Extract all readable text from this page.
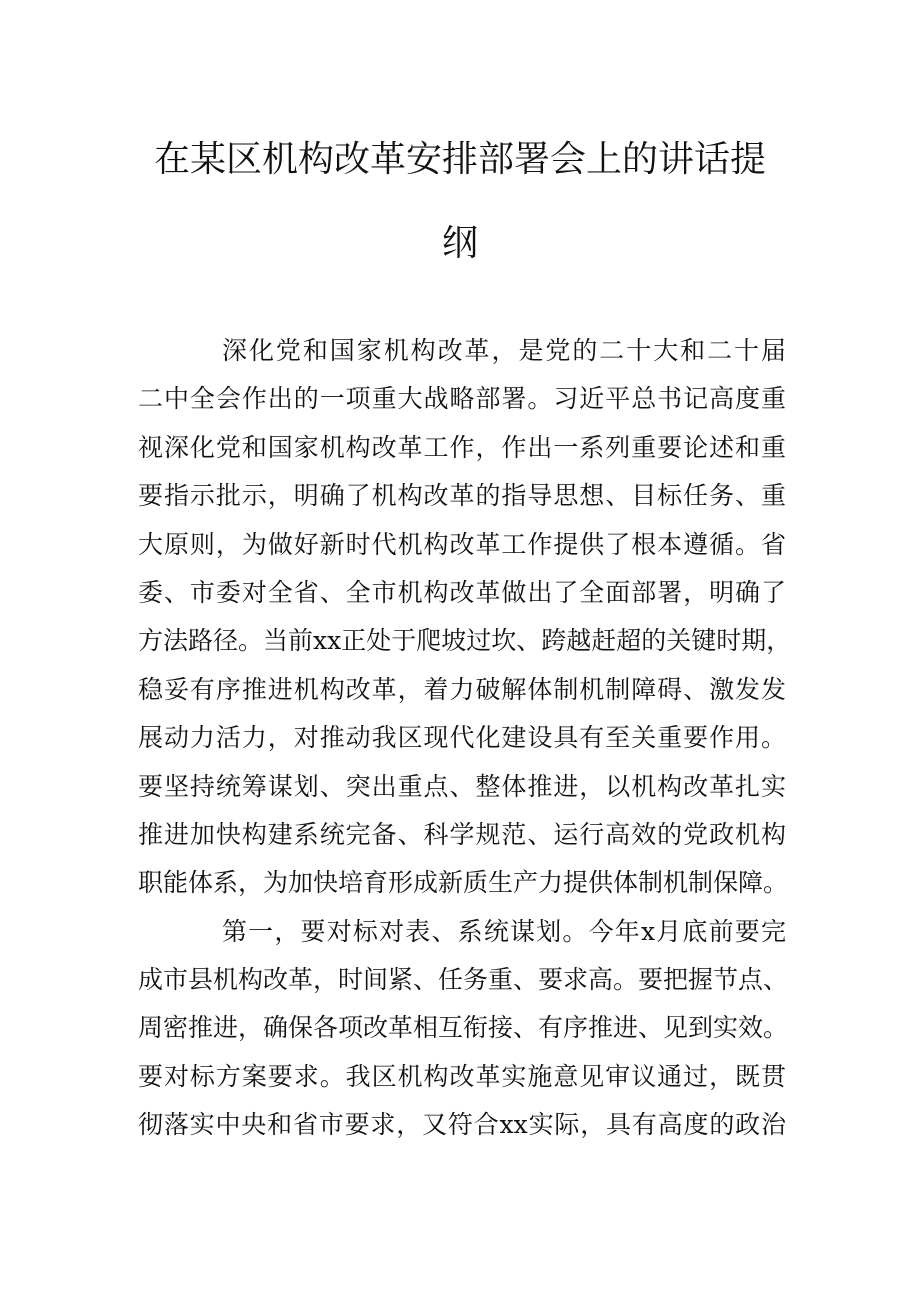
在某区机构改革安排部署会上的讲话提
纲
深化党和国家机构改革，是党的二十大和二十届
二中全会作出的一项重大战略部署。习近平总书记高度重
视深化党和国家机构改革工作，作出一系列重要论述和重
要指示批示，明确了机构改革的指导思想、目标任务、重
大原则，为做好新时代机构改革工作提供了根本遵循。省
委、市委对全省、全市机构改革做出了全面部署，明确了
方法路径。当前xx正处于爬坡过坎、跨越赶超的关键时期，
稳妥有序推进机构改革，着力破解体制机制障碍、激发发
展动力活力，对推动我区现代化建设具有至关重要作用。
要坚持统筹谋划、突出重点、整体推进，以机构改革扎实
推进加快构建系统完备、科学规范、运行高效的党政机构
职能体系，为加快培育形成新质生产力提供体制机制保障。
第一，要对标对表、系统谋划。今年x月底前要完
成市县机构改革，时间紧、任务重、要求高。要把握节点、
周密推进，确保各项改革相互衔接、有序推进、见到实效。
要对标方案要求。我区机构改革实施意见审议通过，既贯
彻落实中央和省市要求，又符合xx实际，具有高度的政治
